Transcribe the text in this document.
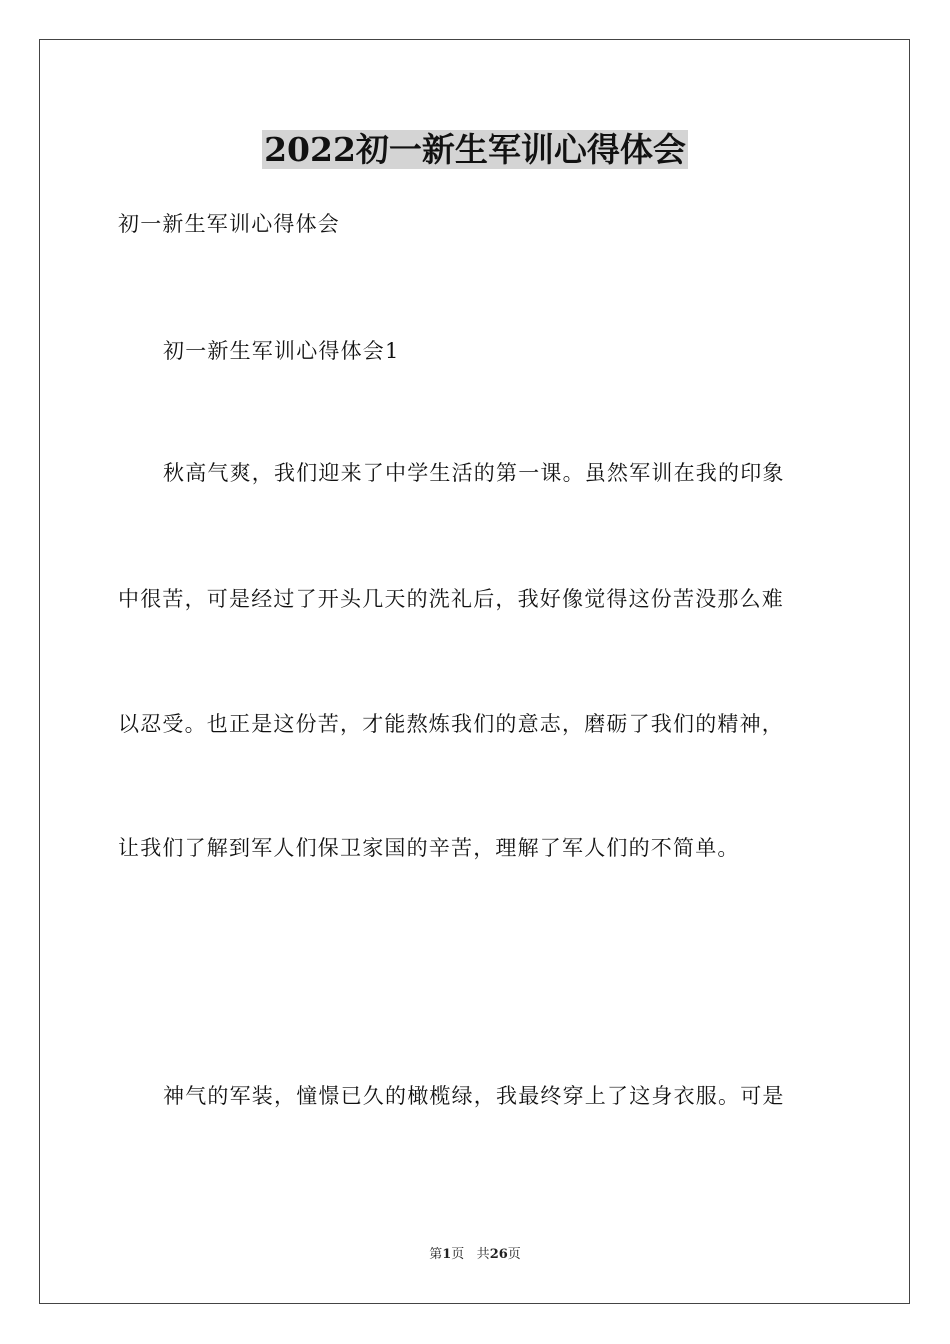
2022初一新生军训心得体会
初一新生军训心得体会
初一新生军训心得体会1
秋高气爽，我们迎来了中学生活的第一课。虽然军训在我的印象
中很苦，可是经过了开头几天的洗礼后，我好像觉得这份苦没那么难
以忍受。也正是这份苦，才能熬炼我们的意志，磨砺了我们的精神，
让我们了解到军人们保卫家国的辛苦，理解了军人们的不简单。
神气的军装，憧憬已久的橄榄绿，我最终穿上了这身衣服。可是
第1页 共26页
